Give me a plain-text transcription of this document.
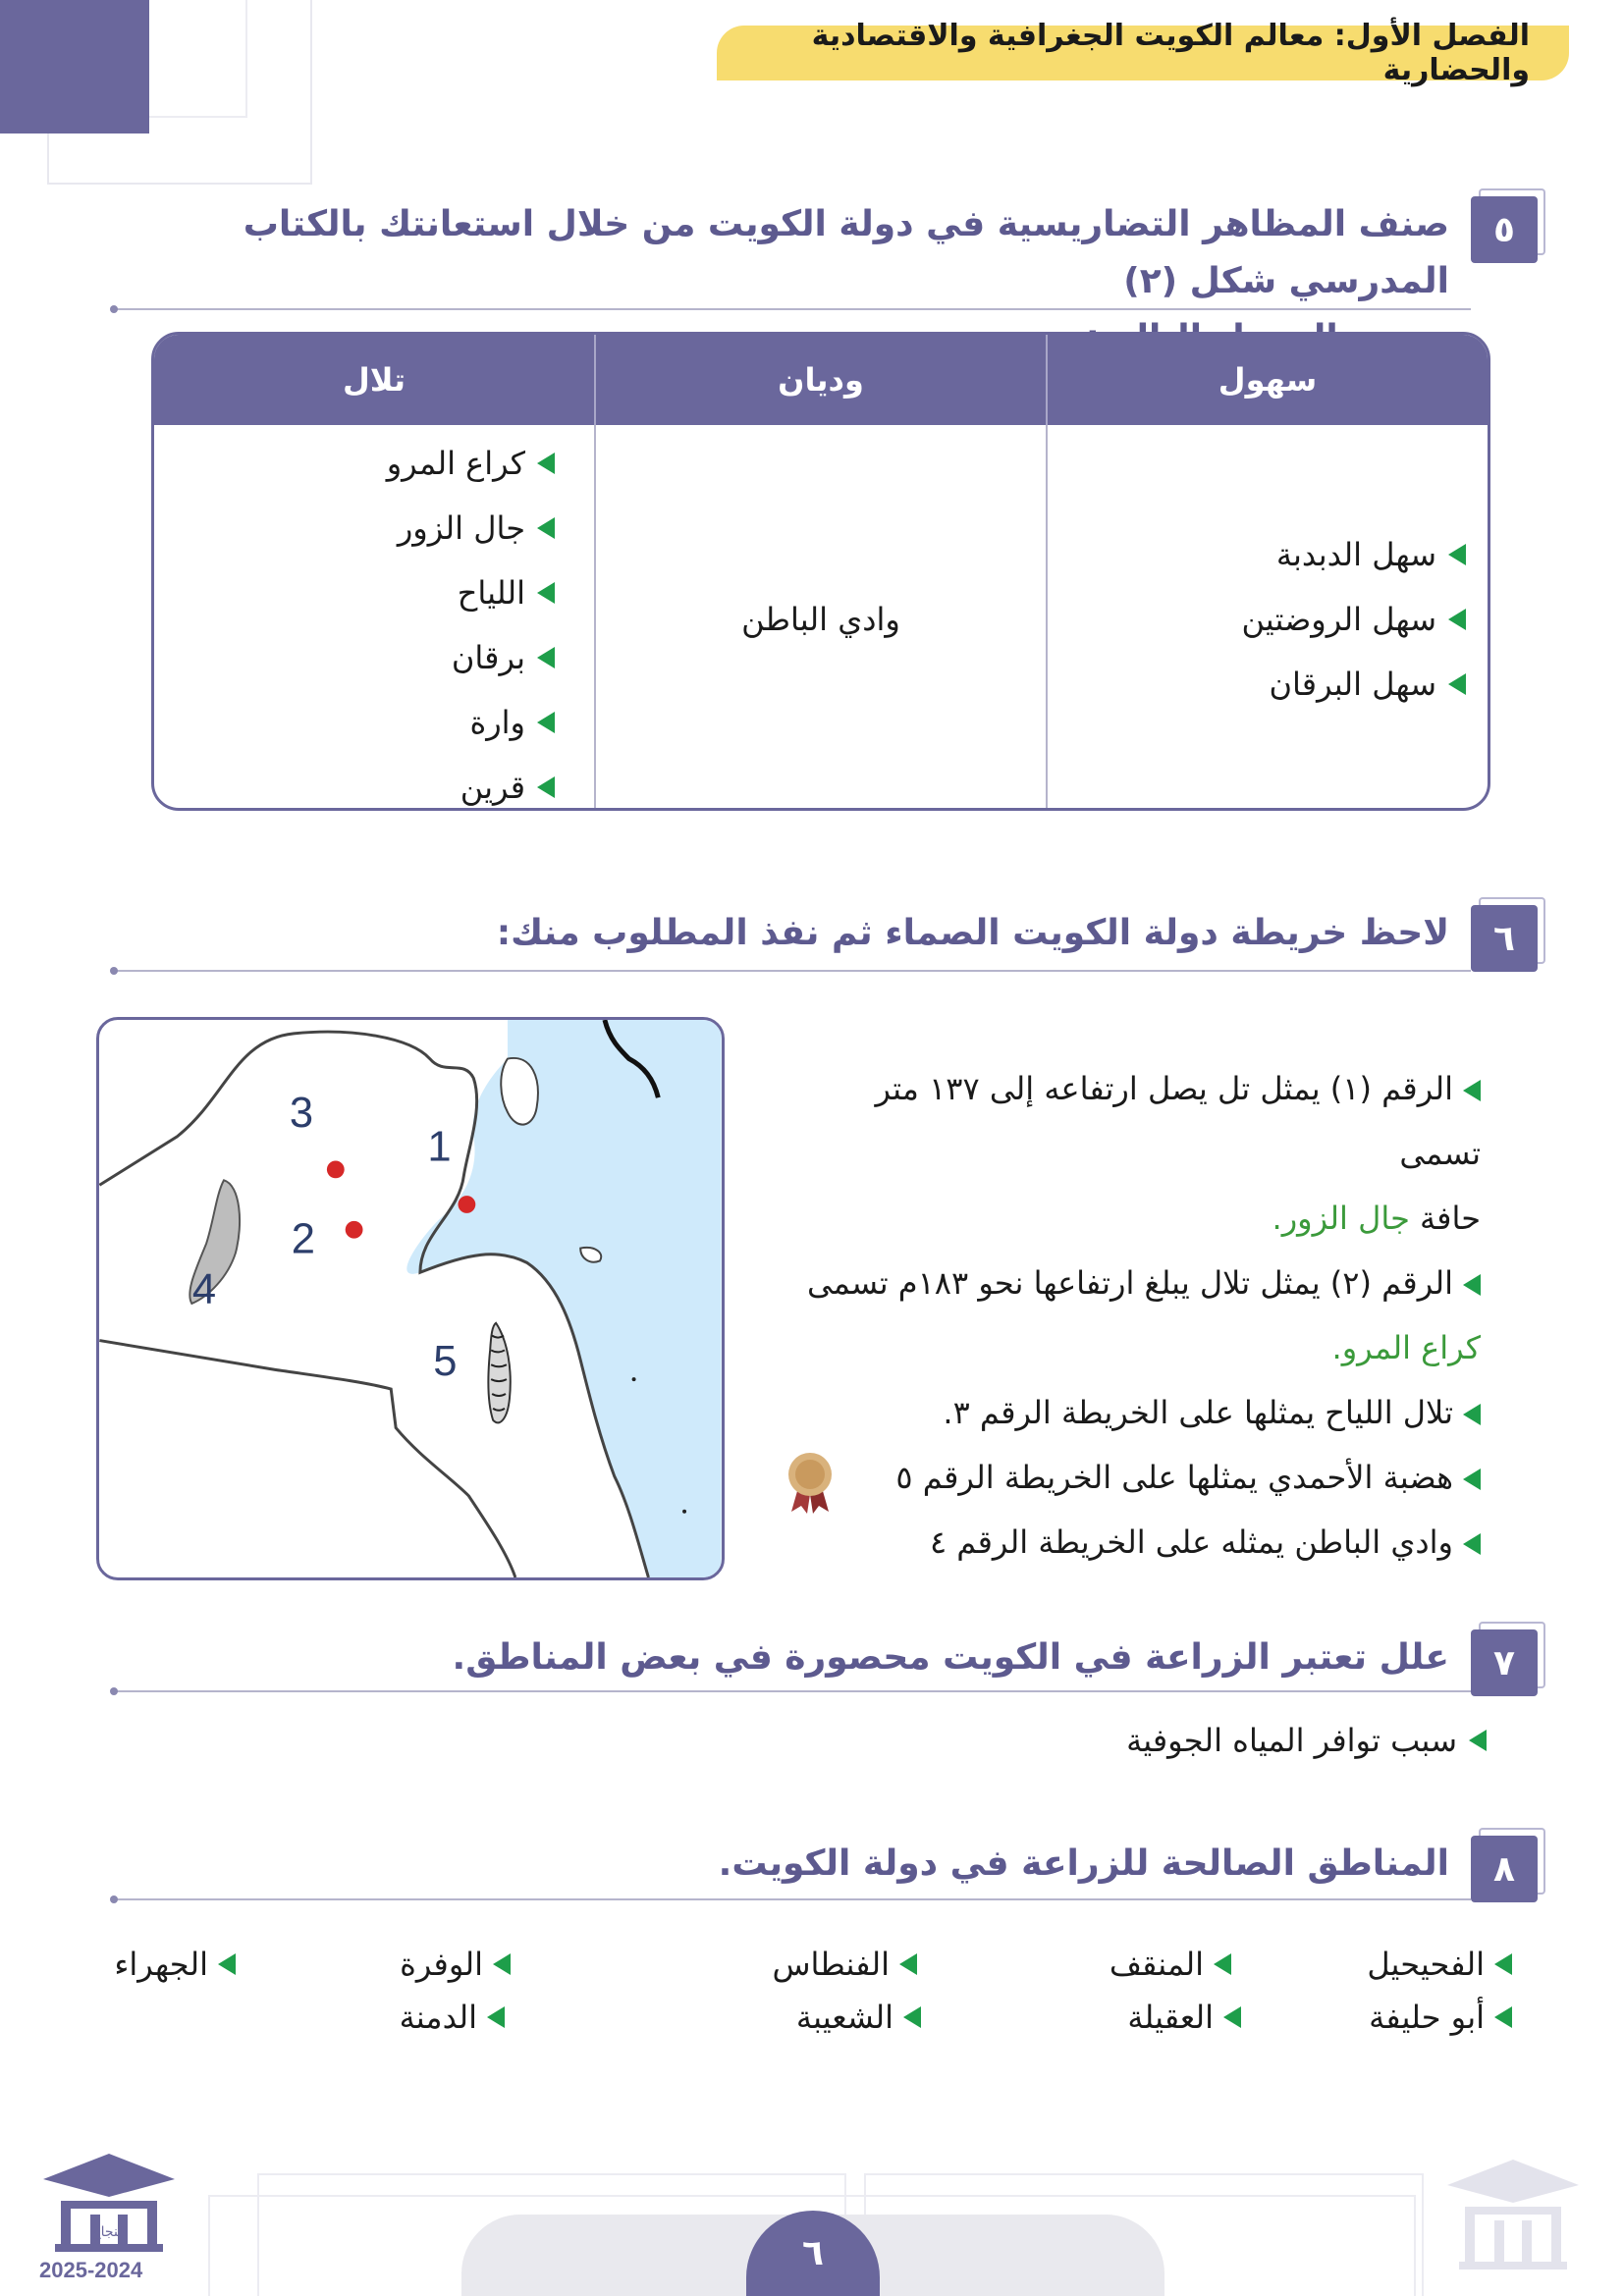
الفصل الأول: معالم الكويت الجغرافية والاقتصادية والحضارية
٥
صنف المظاهر التضاريسية في دولة الكويت من خلال استعانتك بالكتاب المدرسي شكل (٢)
سهول
وديان
تلال
سهل الدبدبة
سهل الروضتين
سهل البرقان
وادي الباطن
كراع المرو
جال الزور
اللياح
برقان
وارة
قرين
٦
لاحظ خريطة دولة الكويت الصماء ثم نفذ المطلوب منك:
1
2
3
4
5
الرقم (١) يمثل تل يصل ارتفاعه إلى ١٣٧ متر تسمى
حافة جال الزور.
الرقم (٢) يمثل تلال يبلغ ارتفاعها نحو ١٨٣م تسمى
كراع المرو.
تلال اللياح يمثلها على الخريطة الرقم ٣.
هضبة الأحمدي يمثلها على الخريطة الرقم ٥
وادي الباطن يمثله على الخريطة الرقم ٤
٧
علل تعتبر الزراعة في الكويت محصورة في بعض المناطق.
سبب توافر المياه الجوفية
٨
المناطق الصالحة للزراعة في دولة الكويت.
الفحيحيل
المنقف
الفنطاس
الوفرة
الجهراء
أبو حليفة
العقيلة
الشعيبة
الدمنة
٦
النجاح
2025-2024
